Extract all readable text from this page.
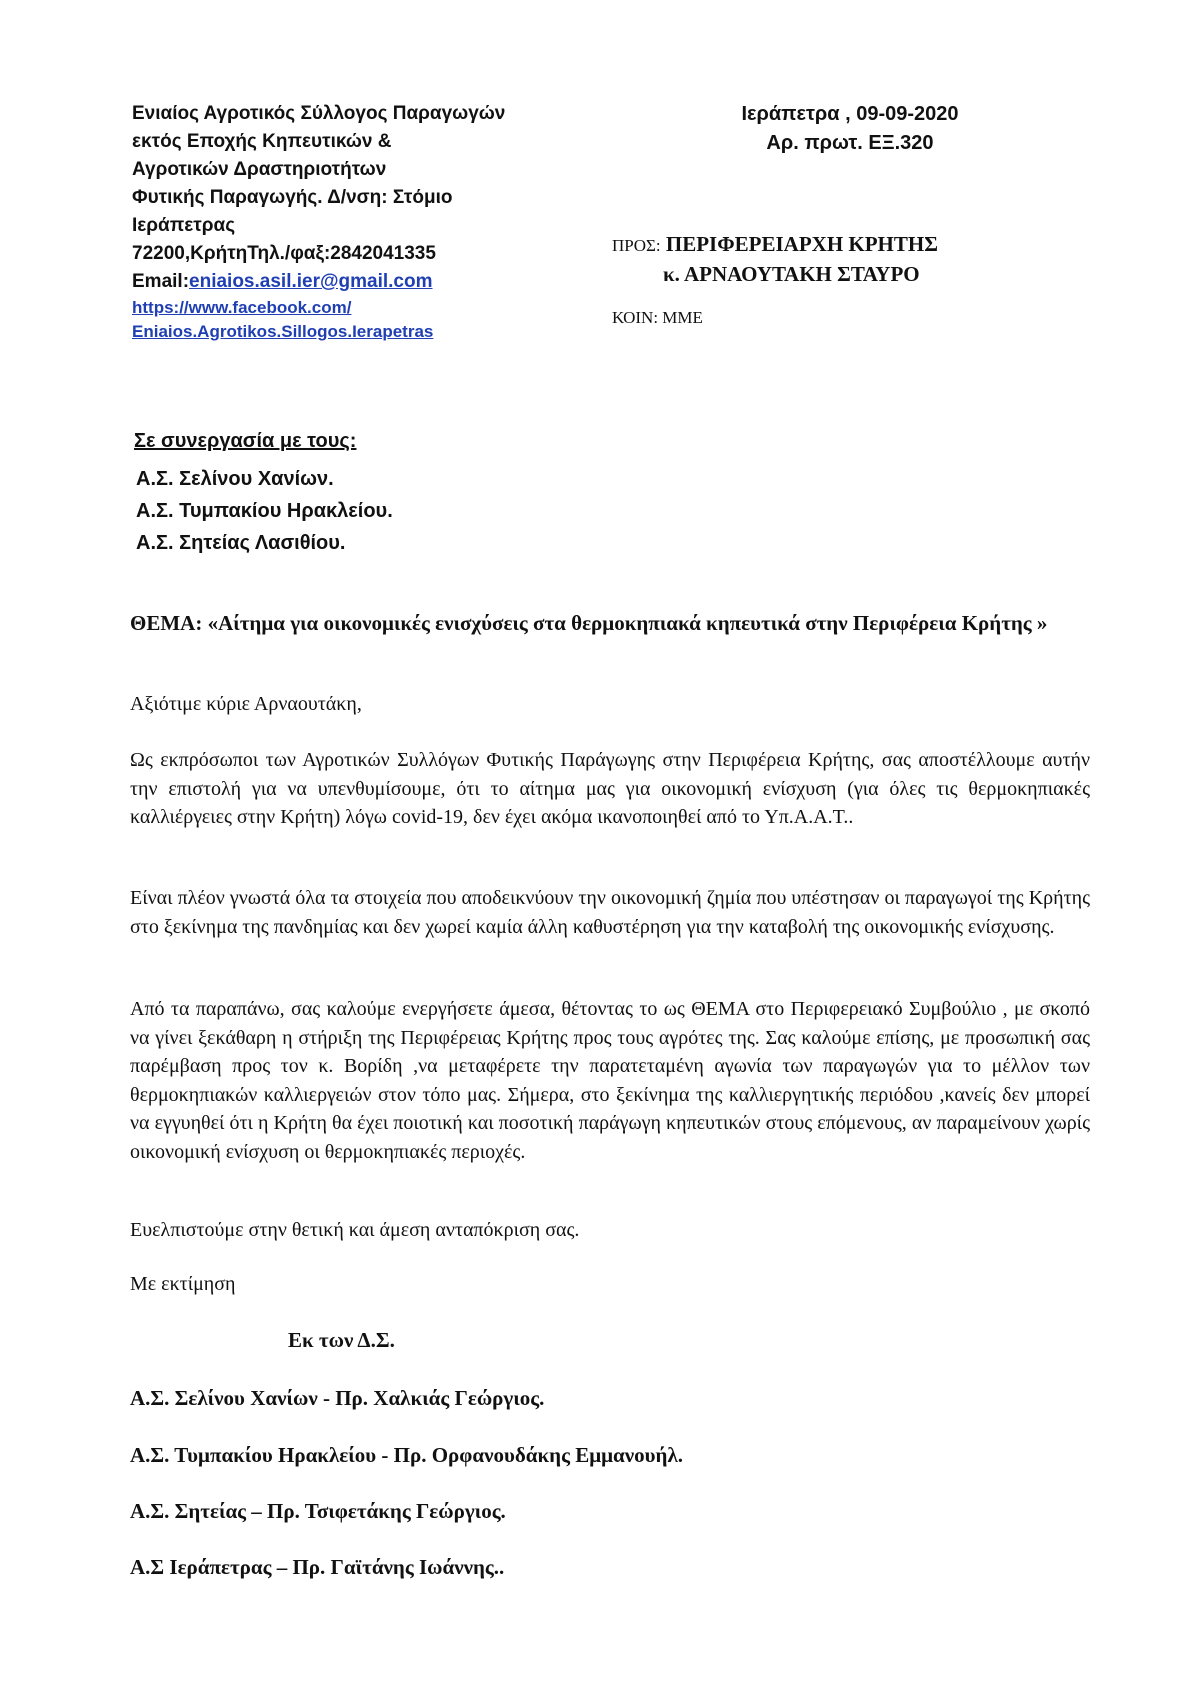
Ενιαίος Αγροτικός Σύλλογος Παραγωγών
εκτός Εποχής Κηπευτικών &
Αγροτικών Δραστηριοτήτων
Φυτικής Παραγωγής. Δ/νση: Στόμιο
Ιεράπετρας
72200,ΚρήτηΤηλ./φαξ:2842041335
Email:eniaios.asil.ier@gmail.com
https://www.facebook.com/
Eniaios.Agrotikos.Sillogos.Ierapetras
Ιεράπετρα , 09-09-2020
Αρ. πρωτ. ΕΞ.320
ΠΡΟΣ: ΠΕΡΙΦΕΡΕΙΑΡΧΗ ΚΡΗΤΗΣ
κ. ΑΡΝΑΟΥΤΑΚΗ ΣΤΑΥΡΟ
ΚΟΙΝ: ΜΜΕ
Σε συνεργασία με τους:
Α.Σ. Σελίνου Χανίων.
Α.Σ. Τυμπακίου Ηρακλείου.
Α.Σ. Σητείας Λασιθίου.
ΘΕΜΑ: «Αίτημα για οικονομικές ενισχύσεις στα θερμοκηπιακά κηπευτικά στην Περιφέρεια Κρήτης »
Αξιότιμε κύριε Αρναουτάκη,
Ως εκπρόσωποι των Αγροτικών Συλλόγων Φυτικής Παράγωγης στην Περιφέρεια Κρήτης, σας αποστέλλουμε αυτήν την επιστολή για να υπενθυμίσουμε, ότι το αίτημα μας για οικονομική ενίσχυση (για όλες τις θερμοκηπιακές καλλιέργειες στην Κρήτη) λόγω covid-19, δεν έχει ακόμα ικανοποιηθεί από το Υπ.Α.Α.Τ..
Είναι πλέον γνωστά όλα τα στοιχεία που αποδεικνύουν την οικονομική ζημία που υπέστησαν οι παραγωγοί της Κρήτης στο ξεκίνημα της πανδημίας και δεν χωρεί καμία άλλη καθυστέρηση για την καταβολή της οικονομικής ενίσχυσης.
Από τα παραπάνω, σας καλούμε ενεργήσετε άμεσα, θέτοντας το ως ΘΕΜΑ στο Περιφερειακό Συμβούλιο , με σκοπό να γίνει ξεκάθαρη η στήριξη της Περιφέρειας Κρήτης προς τους αγρότες της. Σας καλούμε επίσης, με προσωπική σας παρέμβαση προς τον κ. Βορίδη ,να μεταφέρετε την παρατεταμένη αγωνία των παραγωγών για το μέλλον των θερμοκηπιακών καλλιεργειών στον τόπο μας. Σήμερα, στο ξεκίνημα της καλλιεργητικής περιόδου ,κανείς δεν μπορεί να εγγυηθεί ότι η Κρήτη θα έχει ποιοτική και ποσοτική παράγωγη κηπευτικών στους επόμενους, αν παραμείνουν χωρίς οικονομική ενίσχυση οι θερμοκηπιακές περιοχές.
Ευελπιστούμε στην θετική και άμεση ανταπόκριση σας.
Με εκτίμηση
Εκ των Δ.Σ.
Α.Σ. Σελίνου Χανίων - Πρ. Χαλκιάς Γεώργιος.
Α.Σ. Τυμπακίου Ηρακλείου - Πρ. Ορφανουδάκης Εμμανουήλ.
Α.Σ. Σητείας – Πρ. Τσιφετάκης Γεώργιος.
Α.Σ Ιεράπετρας – Πρ. Γαϊτάνης Ιωάννης..
